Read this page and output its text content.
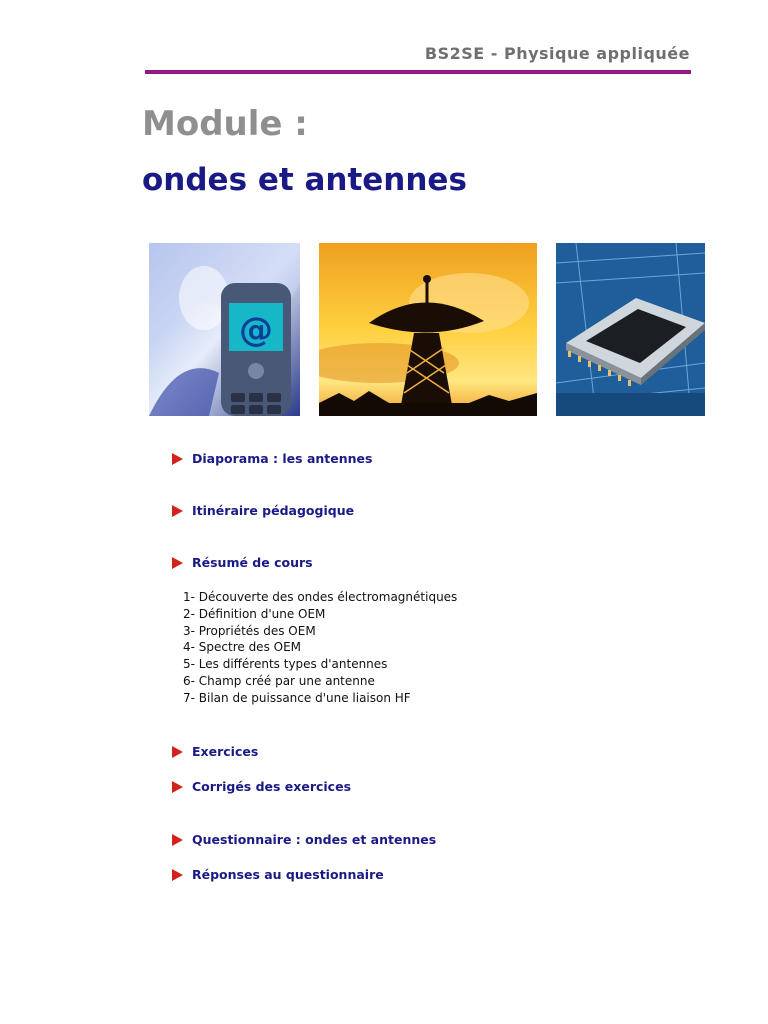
BS2SE - Physique appliquée
Module :
ondes et antennes
@
Diaporama : les antennes
Itinéraire pédagogique
Résumé de cours
1- Découverte des ondes électromagnétiques
2- Définition d'une OEM
3- Propriétés des OEM
4- Spectre des OEM
5- Les différents types d'antennes
6- Champ créé par une antenne
7- Bilan de puissance d'une liaison HF
Exercices
Corrigés des exercices
Questionnaire : ondes et antennes
Réponses au questionnaire
